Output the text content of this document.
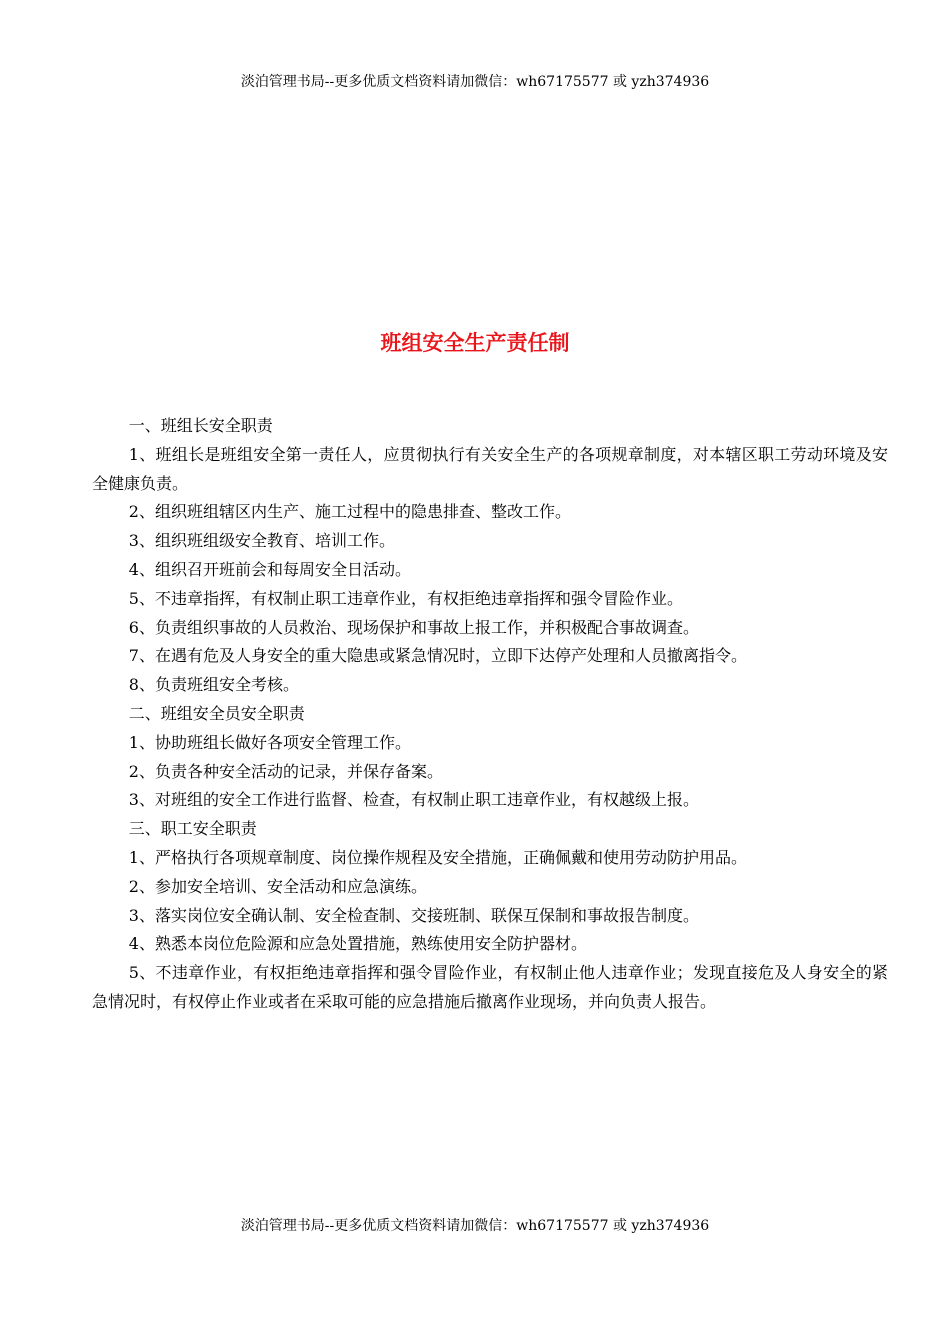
淡泊管理书局--更多优质文档资料请加微信：wh67175577 或 yzh374936
班组安全生产责任制

一、班组长安全职责

1、班组长是班组安全第一责任人，应贯彻执行有关安全生产的各项规章制度，对本辖区职工劳动环境及安全健康负责。

2、组织班组辖区内生产、施工过程中的隐患排查、整改工作。

3、组织班组级安全教育、培训工作。

4、组织召开班前会和每周安全日活动。

5、不违章指挥，有权制止职工违章作业，有权拒绝违章指挥和强令冒险作业。

6、负责组织事故的人员救治、现场保护和事故上报工作，并积极配合事故调查。

7、在遇有危及人身安全的重大隐患或紧急情况时，立即下达停产处理和人员撤离指令。

8、负责班组安全考核。

二、班组安全员安全职责

1、协助班组长做好各项安全管理工作。

2、负责各种安全活动的记录，并保存备案。

3、对班组的安全工作进行监督、检查，有权制止职工违章作业，有权越级上报。

三、职工安全职责

1、严格执行各项规章制度、岗位操作规程及安全措施，正确佩戴和使用劳动防护用品。

2、参加安全培训、安全活动和应急演练。

3、落实岗位安全确认制、安全检查制、交接班制、联保互保制和事故报告制度。

4、熟悉本岗位危险源和应急处置措施，熟练使用安全防护器材。

5、不违章作业，有权拒绝违章指挥和强令冒险作业，有权制止他人违章作业；发现直接危及人身安全的紧急情况时，有权停止作业或者在采取可能的应急措施后撤离作业现场，并向负责人报告。

淡泊管理书局--更多优质文档资料请加微信：wh67175577 或 yzh374936
